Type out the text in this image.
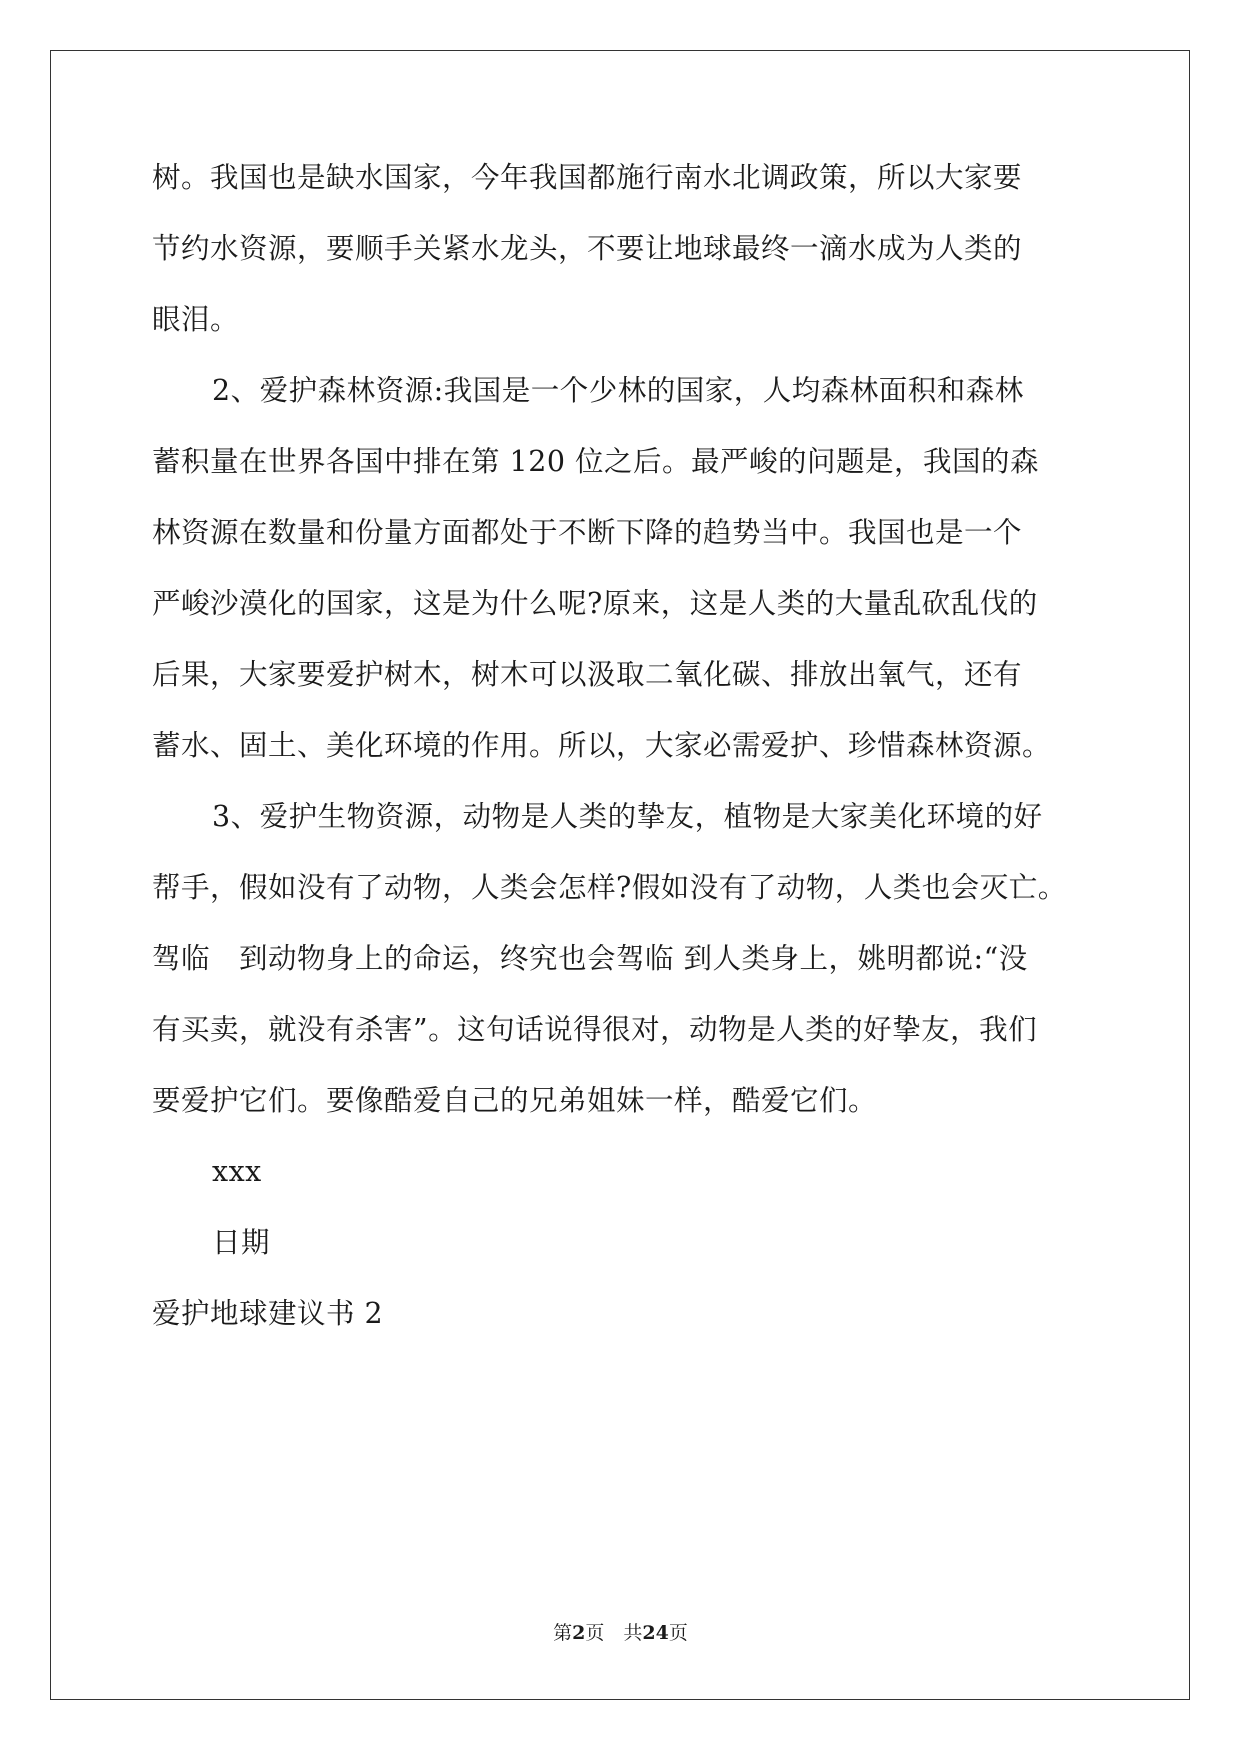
树。我国也是缺水国家，今年我国都施行南水北调政策，所以大家要
节约水资源，要顺手关紧水龙头，不要让地球最终一滴水成为人类的
眼泪。
2、爱护森林资源:我国是一个少林的国家，人均森林面积和森林
蓄积量在世界各国中排在第 120 位之后。最严峻的问题是，我国的森
林资源在数量和份量方面都处于不断下降的趋势当中。我国也是一个
严峻沙漠化的国家，这是为什么呢?原来，这是人类的大量乱砍乱伐的
后果，大家要爱护树木，树木可以汲取二氧化碳、排放出氧气，还有
蓄水、固土、美化环境的作用。所以，大家必需爱护、珍惜森林资源。
3、爱护生物资源，动物是人类的挚友，植物是大家美化环境的好
帮手，假如没有了动物，人类会怎样?假如没有了动物，人类也会灭亡。
驾临　到动物身上的命运，终究也会驾临 到人类身上，姚明都说:“没
有买卖，就没有杀害”。这句话说得很对，动物是人类的好挚友，我们
要爱护它们。要像酷爱自己的兄弟姐妹一样，酷爱它们。
xxx
日期
爱护地球建议书 2
第2页　共24页
